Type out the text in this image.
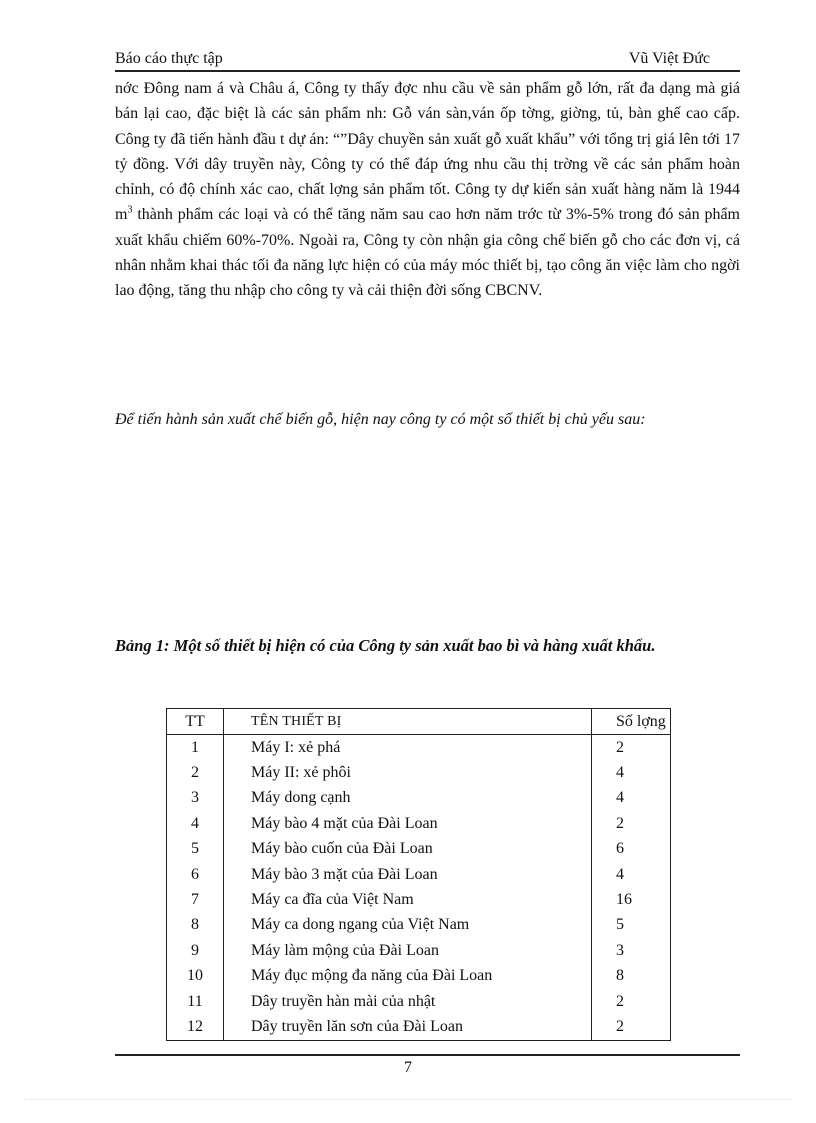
Báo cáo thực tập	Vũ Việt Đức
nớc Đông nam á và Châu á, Công ty thấy đợc nhu cầu về sản phẩm gỗ lớn, rất đa dạng mà giá bán lại cao, đặc biệt là các sản phẩm nh: Gỗ ván sàn,ván ốp tờng, giờng, tủ, bàn ghế cao cấp. Công ty đã tiến hành đầu t dự án: “”Dây chuyền sản xuất gỗ xuất khẩu” với tổng trị giá lên tới 17 tỷ đồng. Với dây truyền này, Công ty có thể đáp ứng nhu cầu thị trờng về các sản phẩm hoàn chỉnh, có độ chính xác cao, chất lợng sản phẩm tốt. Công ty dự kiến sản xuất hàng năm là 1944 $m^3$ thành phẩm các loại và có thể tăng năm sau cao hơn năm trớc từ 3%-5% trong đó sản phẩm xuất khẩu chiếm 60%-70%. Ngoài ra, Công ty còn nhận gia công chế biến gỗ cho các đơn vị, cá nhân nhằm khai thác tối đa năng lực hiện có của máy móc thiết bị, tạo công ăn việc làm cho ngời lao động, tăng thu nhập cho công ty và cải thiện đời sống CBCNV.
Để tiến hành sản xuất chế biến gỗ, hiện nay công ty có một số thiết bị chủ yếu sau:
Bảng 1: Một số thiết bị hiện có của Công ty sản xuất bao bì và hàng xuất khẩu.
TT	TÊN THIẾT BỊ	Số lợng
1	Máy I: xẻ phá	2
2	Máy II: xẻ phôi	4
3	Máy dong cạnh	4
4	Máy bào 4 mặt của Đài Loan	2
5	Máy bào cuốn của Đài Loan	6
6	Máy bào 3 mặt của Đài Loan	4
7	Máy ca đĩa của Việt Nam	16
8	Máy ca dong ngang của Việt Nam	5
9	Máy làm mộng của Đài Loan	3
10	Máy đục mộng đa năng của Đài Loan	8
11	Dây truyền hàn mài của nhật	2
12	Dây truyền lăn sơn của Đài Loan	2
7
